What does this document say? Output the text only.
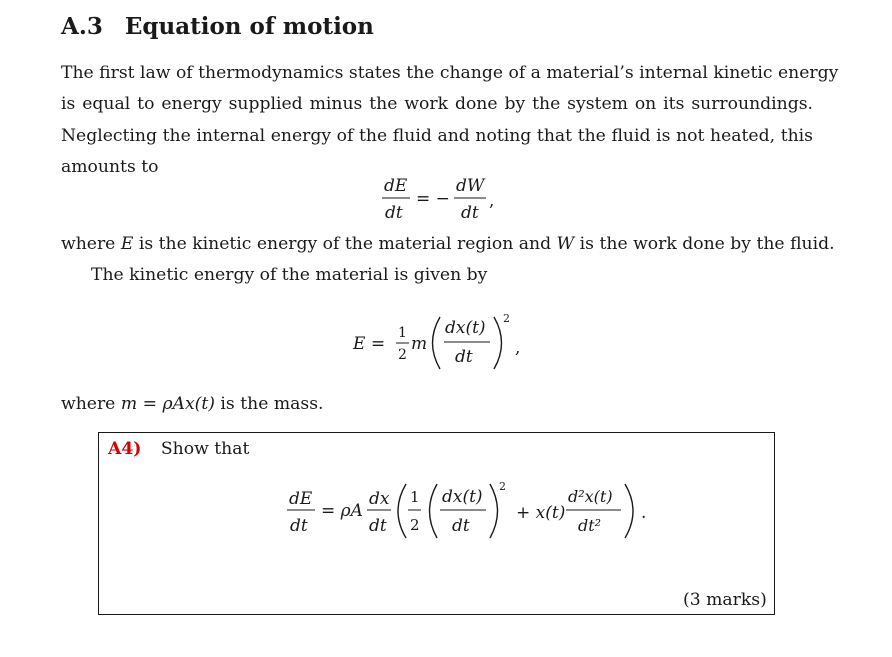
A.3 Equation of motion
The first law of thermodynamics states the change of a material’s internal kinetic energy
is equal to energy supplied minus the work done by the system on its surroundings.
Neglecting the internal energy of the fluid and noting that the fluid is not heated, this
amounts to
dE
dt
= −
dW
dt
,
where E is the kinetic energy of the material region and W is the work done by the fluid.
The kinetic energy of the material is given by
E =
1
2
m
dx(t)
dt
2
,
where m = ρAx(t) is the mass.
A4) Show that
dE
dt
= ρA
dx
dt
1
2
dx(t)
dt
2
+ x(t)
d²x(t)
dt²
.
(3 marks)
